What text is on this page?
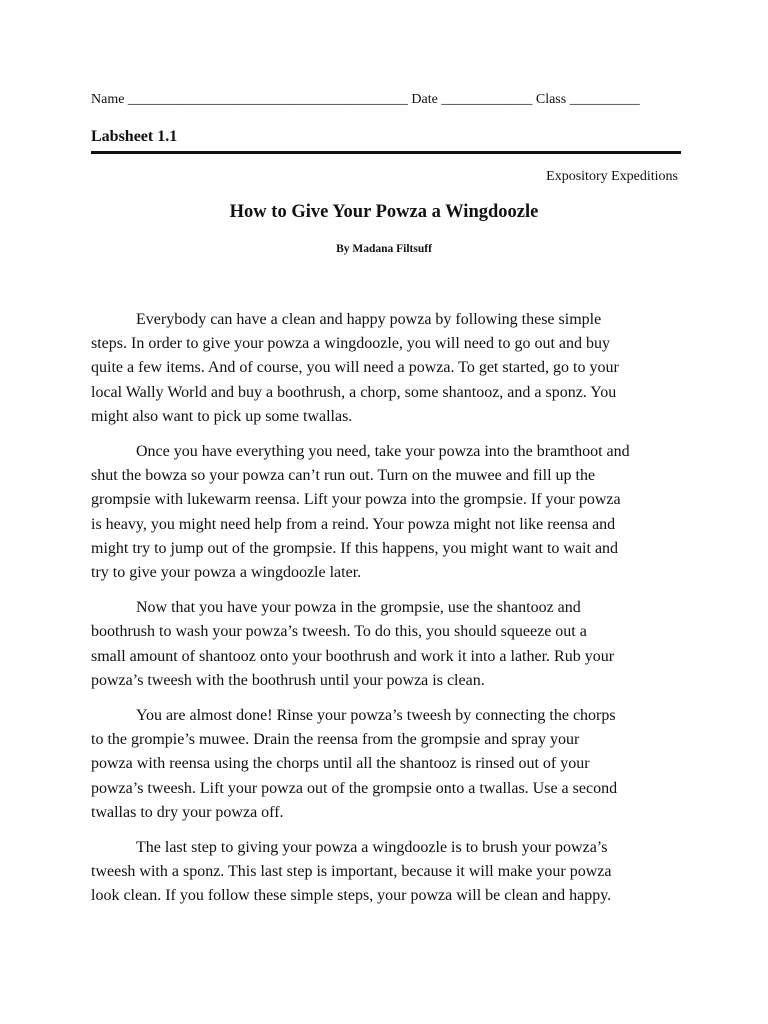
Name ________________________________________ Date _____________ Class __________
Labsheet 1.1
Expository Expeditions
How to Give Your Powza a Wingdoozle
By Madana Filtsuff

Everybody can have a clean and happy powza by following these simple
steps. In order to give your powza a wingdoozle, you will need to go out and buy
quite a few items. And of course, you will need a powza. To get started, go to your
local Wally World and buy a boothrush, a chorp, some shantooz, and a sponz. You
might also want to pick up some twallas.

Once you have everything you need, take your powza into the bramthoot and
shut the bowza so your powza can’t run out. Turn on the muwee and fill up the
grompsie with lukewarm reensa. Lift your powza into the grompsie. If your powza
is heavy, you might need help from a reind. Your powza might not like reensa and
might try to jump out of the grompsie. If this happens, you might want to wait and
try to give your powza a wingdoozle later.

Now that you have your powza in the grompsie, use the shantooz and
boothrush to wash your powza’s tweesh. To do this, you should squeeze out a
small amount of shantooz onto your boothrush and work it into a lather. Rub your
powza’s tweesh with the boothrush until your powza is clean.

You are almost done! Rinse your powza’s tweesh by connecting the chorps
to the grompie’s muwee. Drain the reensa from the grompsie and spray your
powza with reensa using the chorps until all the shantooz is rinsed out of your
powza’s tweesh. Lift your powza out of the grompsie onto a twallas. Use a second
twallas to dry your powza off.

The last step to giving your powza a wingdoozle is to brush your powza’s
tweesh with a sponz. This last step is important, because it will make your powza
look clean. If you follow these simple steps, your powza will be clean and happy.
